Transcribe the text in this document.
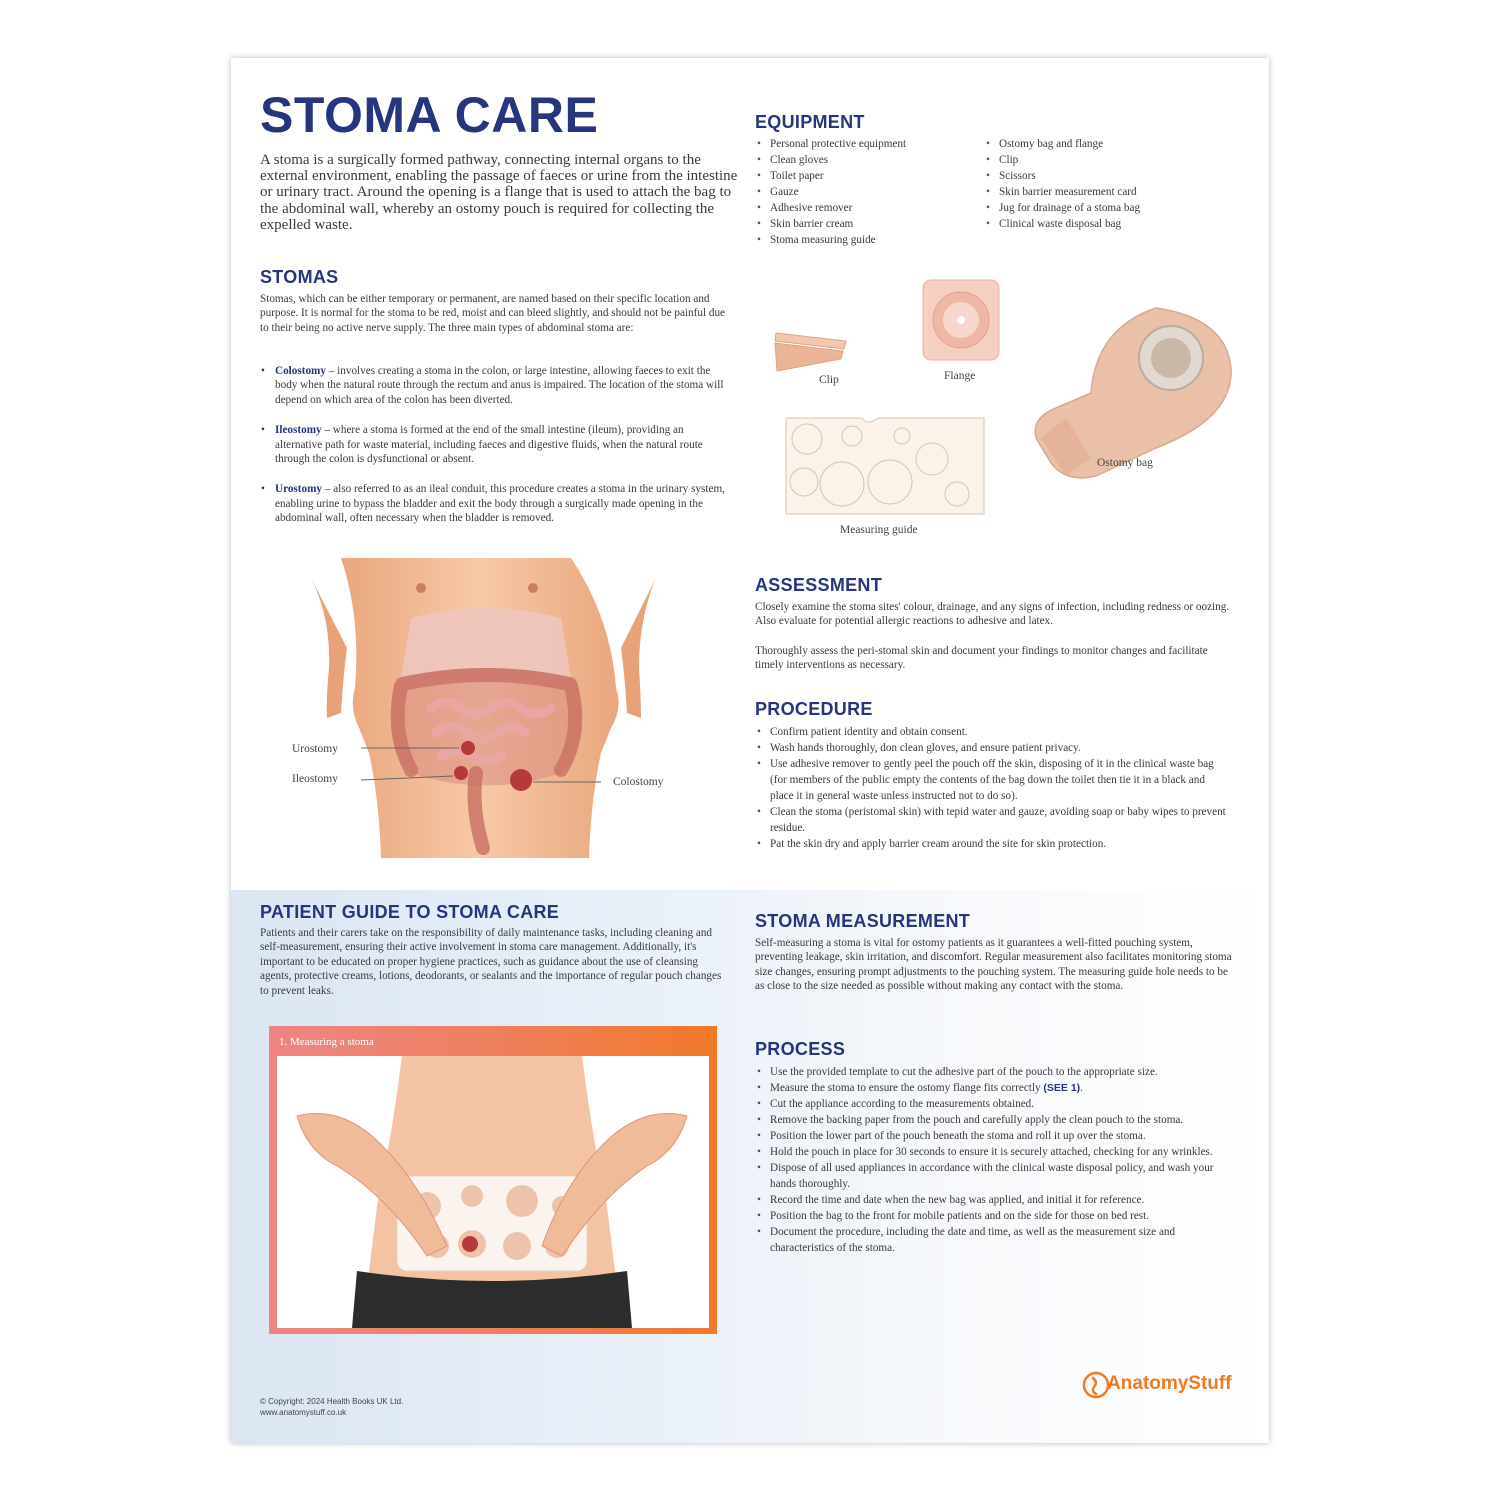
STOMA CARE

A stoma is a surgically formed pathway, connecting internal organs to the external environment, enabling the passage of faeces or urine from the intestine or urinary tract. Around the opening is a flange that is used to attach the bag to the abdominal wall, whereby an ostomy pouch is required for collecting the expelled waste.

STOMAS

Stomas, which can be either temporary or permanent, are named based on their specific location and purpose. It is normal for the stoma to be red, moist and can bleed slightly, and should not be painful due to their being no active nerve supply. The three main types of abdominal stoma are:

• Colostomy – involves creating a stoma in the colon, or large intestine, allowing faeces to exit the body when the natural route through the rectum and anus is impaired. The location of the stoma will depend on which area of the colon has been diverted.
• Ileostomy – where a stoma is formed at the end of the small intestine (ileum), providing an alternative path for waste material, including faeces and digestive fluids, when the natural route through the colon is dysfunctional or absent.
• Urostomy – also referred to as an ileal conduit, this procedure creates a stoma in the urinary system, enabling urine to bypass the bladder and exit the body through a surgically made opening in the abdominal wall, often necessary when the bladder is removed.
Urostomy
Ileostomy	Colostomy
EQUIPMENT
• Personal protective equipment
• Clean gloves
• Toilet paper
• Gauze
• Adhesive remover
• Skin barrier cream
• Stoma measuring guide
• Ostomy bag and flange
• Clip
• Scissors
• Skin barrier measurement card
• Jug for drainage of a stoma bag
• Clinical waste disposal bag
Clip	Flange
Ostomy bag
Measuring guide
ASSESSMENT

Closely examine the stoma sites' colour, drainage, and any signs of infection, including redness or oozing. Also evaluate for potential allergic reactions to adhesive and latex.

Thoroughly assess the peri-stomal skin and document your findings to monitor changes and facilitate timely interventions as necessary.

PROCEDURE
• Confirm patient identity and obtain consent.
• Wash hands thoroughly, don clean gloves, and ensure patient privacy.
• Use adhesive remover to gently peel the pouch off the skin, disposing of it in the clinical waste bag (for members of the public empty the contents of the bag down the toilet then tie it in a black and place it in general waste unless instructed not to do so).
• Clean the stoma (peristomal skin) with tepid water and gauze, avoiding soap or baby wipes to prevent residue.
• Pat the skin dry and apply barrier cream around the site for skin protection.
PATIENT GUIDE TO STOMA CARE

Patients and their carers take on the responsibility of daily maintenance tasks, including cleaning and self-measurement, ensuring their active involvement in stoma care management. Additionally, it's important to be educated on proper hygiene practices, such as guidance about the use of cleansing agents, protective creams, lotions, deodorants, or sealants and the importance of regular pouch changes to prevent leaks.

1. Measuring a stoma
STOMA MEASUREMENT

Self-measuring a stoma is vital for ostomy patients as it guarantees a well-fitted pouching system, preventing leakage, skin irritation, and discomfort. Regular measurement also facilitates monitoring stoma size changes, ensuring prompt adjustments to the pouching system. The measuring guide hole needs to be as close to the size needed as possible without making any contact with the stoma.

PROCESS
• Use the provided template to cut the adhesive part of the pouch to the appropriate size.
• Measure the stoma to ensure the ostomy flange fits correctly (SEE 1).
• Cut the appliance according to the measurements obtained.
• Remove the backing paper from the pouch and carefully apply the clean pouch to the stoma.
• Position the lower part of the pouch beneath the stoma and roll it up over the stoma.
• Hold the pouch in place for 30 seconds to ensure it is securely attached, checking for any wrinkles.
• Dispose of all used appliances in accordance with the clinical waste disposal policy, and wash your hands thoroughly.
• Record the time and date when the new bag was applied, and initial it for reference.
• Position the bag to the front for mobile patients and on the side for those on bed rest.
• Document the procedure, including the date and time, as well as the measurement size and characteristics of the stoma.
© Copyright: 2024 Health Books UK Ltd.
www.anatomystuff.co.uk
AnatomyStuff
